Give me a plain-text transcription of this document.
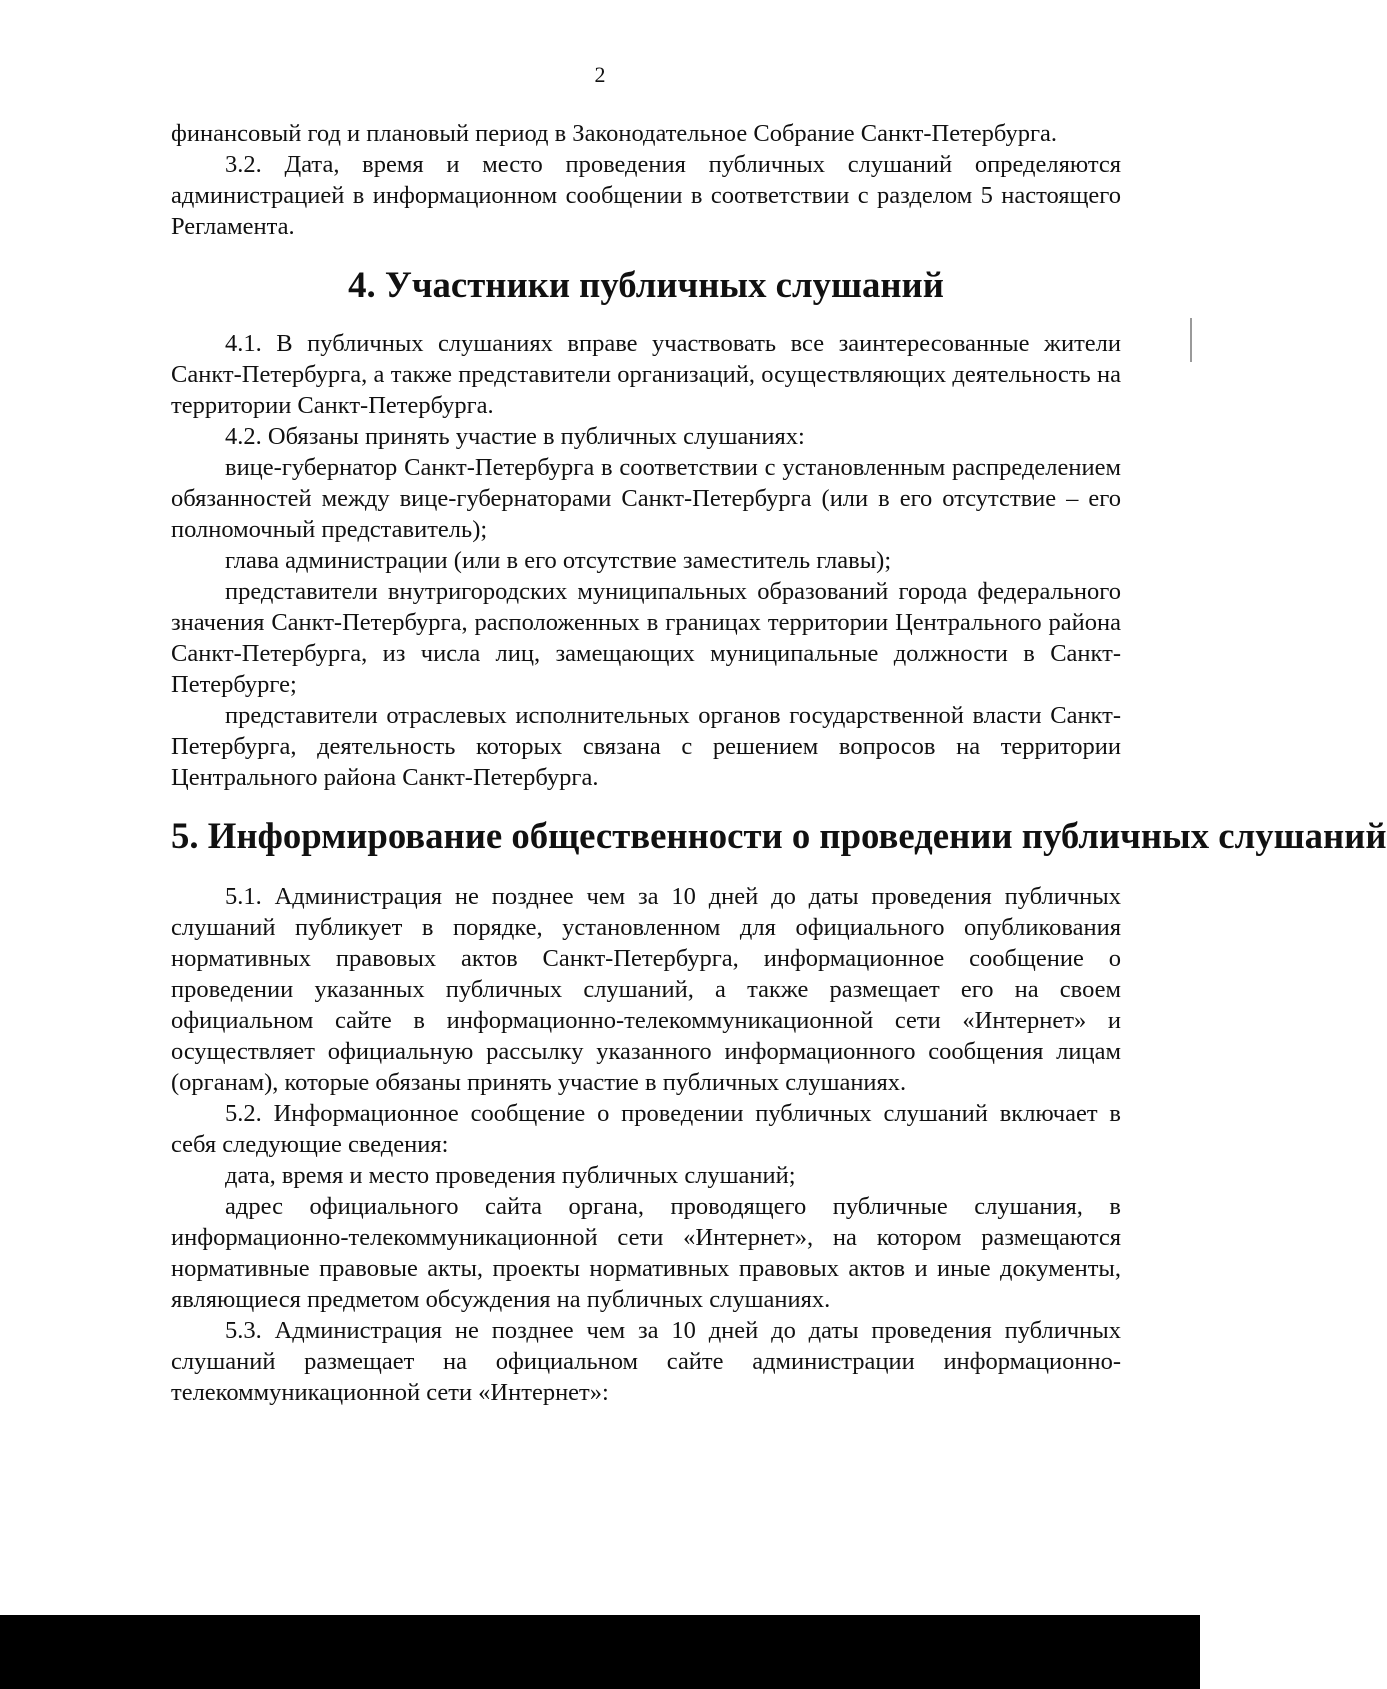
2

финансовый год и плановый период в Законодательное Собрание Санкт-Петербурга.

3.2. Дата, время и место проведения публичных слушаний определяются администрацией в информационном сообщении в соответствии с разделом 5 настоящего Регламента.

4. Участники публичных слушаний

4.1. В публичных слушаниях вправе участвовать все заинтересованные жители Санкт-Петербурга, а также представители организаций, осуществляющих деятельность на территории Санкт-Петербурга.

4.2. Обязаны принять участие в публичных слушаниях:

вице-губернатор Санкт-Петербурга в соответствии с установленным распределением обязанностей между вице-губернаторами Санкт-Петербурга (или в его отсутствие – его полномочный представитель);

глава администрации (или в его отсутствие заместитель главы);

представители внутригородских муниципальных образований города федерального значения Санкт-Петербурга, расположенных в границах территории Центрального района Санкт-Петербурга, из числа лиц, замещающих муниципальные должности в Санкт- Петербурге;

представители отраслевых исполнительных органов государственной власти Санкт-Петербурга, деятельность которых связана с решением вопросов на территории Центрального района Санкт-Петербурга.

5. Информирование общественности о проведении публичных слушаний

5.1. Администрация не позднее чем за 10 дней до даты проведения публичных слушаний публикует в порядке, установленном для официального опубликования нормативных правовых актов Санкт-Петербурга, информационное сообщение о проведении указанных публичных слушаний, а также размещает его на своем официальном сайте в информационно-телекоммуникационной сети «Интернет» и осуществляет официальную рассылку указанного информационного сообщения лицам (органам), которые обязаны принять участие в публичных слушаниях.

5.2. Информационное сообщение о проведении публичных слушаний включает в себя следующие сведения:

дата, время и место проведения публичных слушаний;

адрес официального сайта органа, проводящего публичные слушания, в информационно-телекоммуникационной сети «Интернет», на котором размещаются нормативные правовые акты, проекты нормативных правовых актов и иные документы, являющиеся предметом обсуждения на публичных слушаниях.

5.3. Администрация не позднее чем за 10 дней до даты проведения публичных слушаний размещает на официальном сайте администрации информационно-телекоммуникационной сети «Интернет»:
